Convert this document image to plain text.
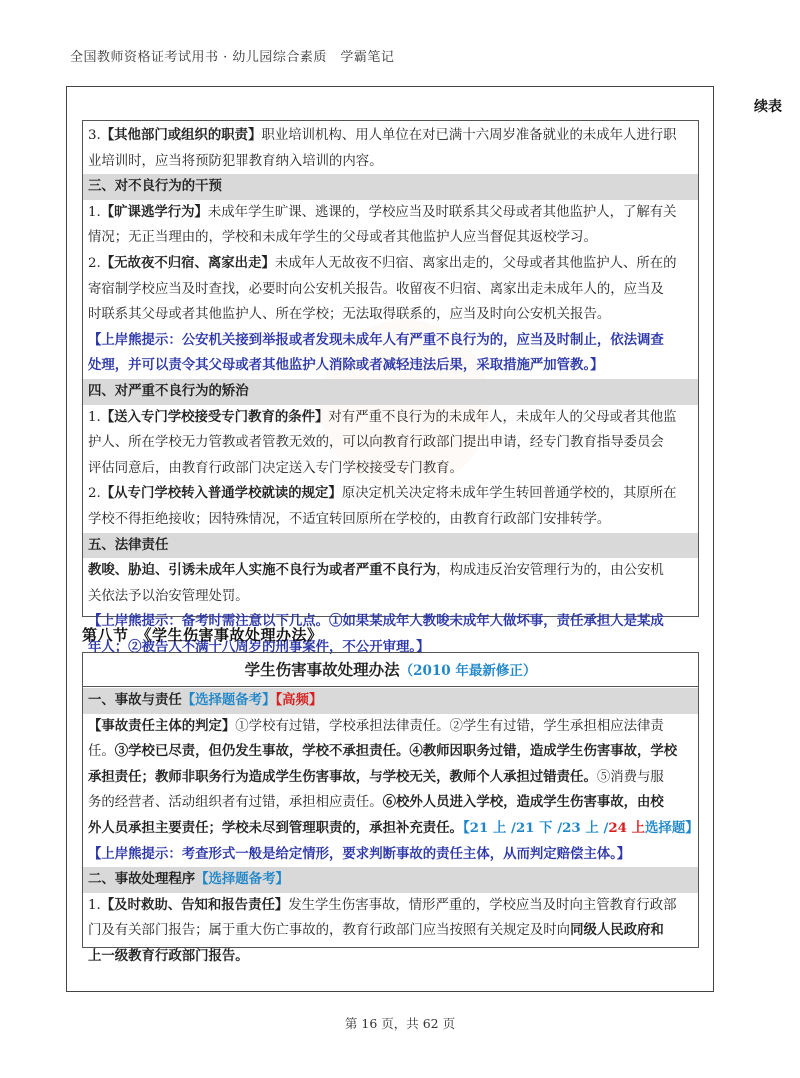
全国教师资格证考试用书 · 幼儿园综合素质　学霸笔记
续表
3.【其他部门或组织的职责】职业培训机构、用人单位在对已满十六周岁准备就业的未成年人进行职
业培训时，应当将预防犯罪教育纳入培训的内容。
三、对不良行为的干预
1.【旷课逃学行为】未成年学生旷课、逃课的，学校应当及时联系其父母或者其他监护人，了解有关
情况；无正当理由的，学校和未成年学生的父母或者其他监护人应当督促其返校学习。
2.【无故夜不归宿、离家出走】未成年人无故夜不归宿、离家出走的，父母或者其他监护人、所在的
寄宿制学校应当及时查找，必要时向公安机关报告。收留夜不归宿、离家出走未成年人的，应当及
时联系其父母或者其他监护人、所在学校；无法取得联系的，应当及时向公安机关报告。
【上岸熊提示：公安机关接到举报或者发现未成年人有严重不良行为的，应当及时制止，依法调查
处理，并可以责令其父母或者其他监护人消除或者减轻违法后果，采取措施严加管教。】
四、对严重不良行为的矫治
1.【送入专门学校接受专门教育的条件】对有严重不良行为的未成年人，未成年人的父母或者其他监
护人、所在学校无力管教或者管教无效的，可以向教育行政部门提出申请，经专门教育指导委员会
评估同意后，由教育行政部门决定送入专门学校接受专门教育。
2.【从专门学校转入普通学校就读的规定】原决定机关决定将未成年学生转回普通学校的，其原所在
学校不得拒绝接收；因特殊情况，不适宜转回原所在学校的，由教育行政部门安排转学。
五、法律责任
教唆、胁迫、引诱未成年人实施不良行为或者严重不良行为，构成违反治安管理行为的，由公安机
关依法予以治安管理处罚。
【上岸熊提示：备考时需注意以下几点。①如果某成年人教唆未成年人做坏事，责任承担人是某成
年人；②被告人不满十八周岁的刑事案件，不公开审理。】
第八节　《学生伤害事故处理办法》
学生伤害事故处理办法（2010 年最新修正）
一、事故与责任【选择题备考】【高频】
【事故责任主体的判定】①学校有过错，学校承担法律责任。②学生有过错，学生承担相应法律责
任。③学校已尽责，但仍发生事故，学校不承担责任。④教师因职务过错，造成学生伤害事故，学校
承担责任；教师非职务行为造成学生伤害事故，与学校无关，教师个人承担过错责任。⑤消费与服
务的经营者、活动组织者有过错，承担相应责任。⑥校外人员进入学校，造成学生伤害事故，由校
外人员承担主要责任；学校未尽到管理职责的，承担补充责任。【21 上 /21 下 /23 上 /24 上选择题】
【上岸熊提示：考查形式一般是给定情形，要求判断事故的责任主体，从而判定赔偿主体。】
二、事故处理程序【选择题备考】
1.【及时救助、告知和报告责任】发生学生伤害事故，情形严重的，学校应当及时向主管教育行政部
门及有关部门报告；属于重大伤亡事故的，教育行政部门应当按照有关规定及时向同级人民政府和
上一级教育行政部门报告。
第 16 页，共 62 页
